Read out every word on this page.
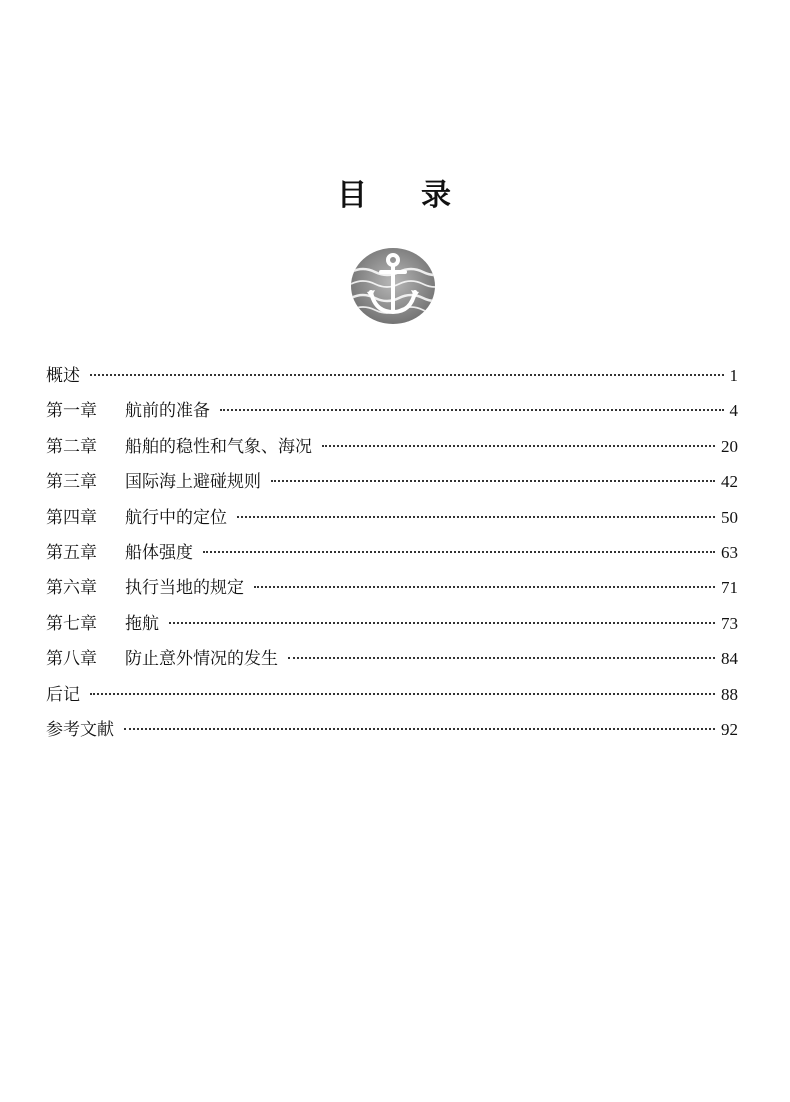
目 录
概述	1
第一章	航前的准备	4
第二章	船舶的稳性和气象、海况	20
第三章	国际海上避碰规则	42
第四章	航行中的定位	50
第五章	船体强度	63
第六章	执行当地的规定	71
第七章	拖航	73
第八章	防止意外情况的发生	84
后记	88
参考文献	92
